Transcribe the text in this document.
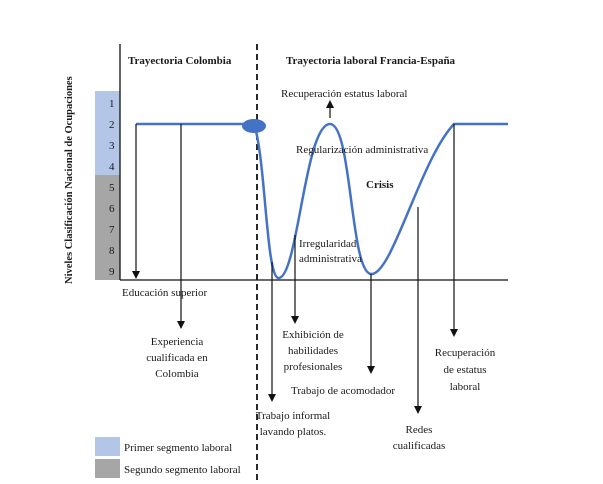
Niveles Clasificación Nacional de Ocupaciones	1
2
3
4
5
6
7
8
9
Trayectoria Colombia	Trayectoria laboral Francia-España
Recuperación estatus laboral
Regularización administrativa
Crisis
Irregularidad
administrativa
Educación superior
Experiencia
cualificada en
Colombia
Exhibición de
habilidades
profesionales
Trabajo de acomodador
Trabajo informal
lavando platos.	Redes
cualificadas
Recuperación
de estatus
laboral
Primer segmento laboral
Segundo segmento laboral
